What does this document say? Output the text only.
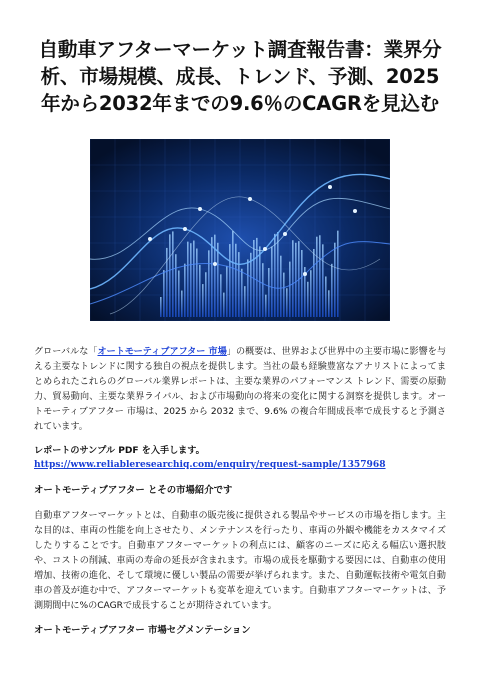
自動車アフターマーケット調査報告書：業界分析、市場規模、成長、トレンド、予測、2025年から2032年までの9.6％のCAGRを見込む

グローバルな「オートモーティブアフター 市場」の概要は、世界および世界中の主要市場に影響を与える主要なトレンドに関する独自の視点を提供します。当社の最も経験豊富なアナリストによってまとめられたこれらのグローバル業界レポートは、主要な業界のパフォーマンス トレンド、需要の原動力、貿易動向、主要な業界ライバル、および市場動向の将来の変化に関する洞察を提供します。オートモーティブアフター 市場は、2025 から 2032 まで、9.6% の複合年間成長率で成長すると予測されています。

レポートのサンプル PDF を入手します。 https://www.reliableresearchiq.com/enquiry/request-sample/1357968

オートモーティブアフター とその市場紹介です

自動車アフターマーケットとは、自動車の販売後に提供される製品やサービスの市場を指します。主な目的は、車両の性能を向上させたり、メンテナンスを行ったり、車両の外観や機能をカスタマイズしたりすることです。自動車アフターマーケットの利点には、顧客のニーズに応える幅広い選択肢や、コストの削減、車両の寿命の延長が含まれます。市場の成長を駆動する要因には、自動車の使用増加、技術の進化、そして環境に優しい製品の需要が挙げられます。また、自動運転技術や電気自動車の普及が進む中で、アフターマーケットも変革を迎えています。自動車アフターマーケットは、予測期間中に%のCAGRで成長することが期待されています。

オートモーティブアフター 市場セグメンテーション
